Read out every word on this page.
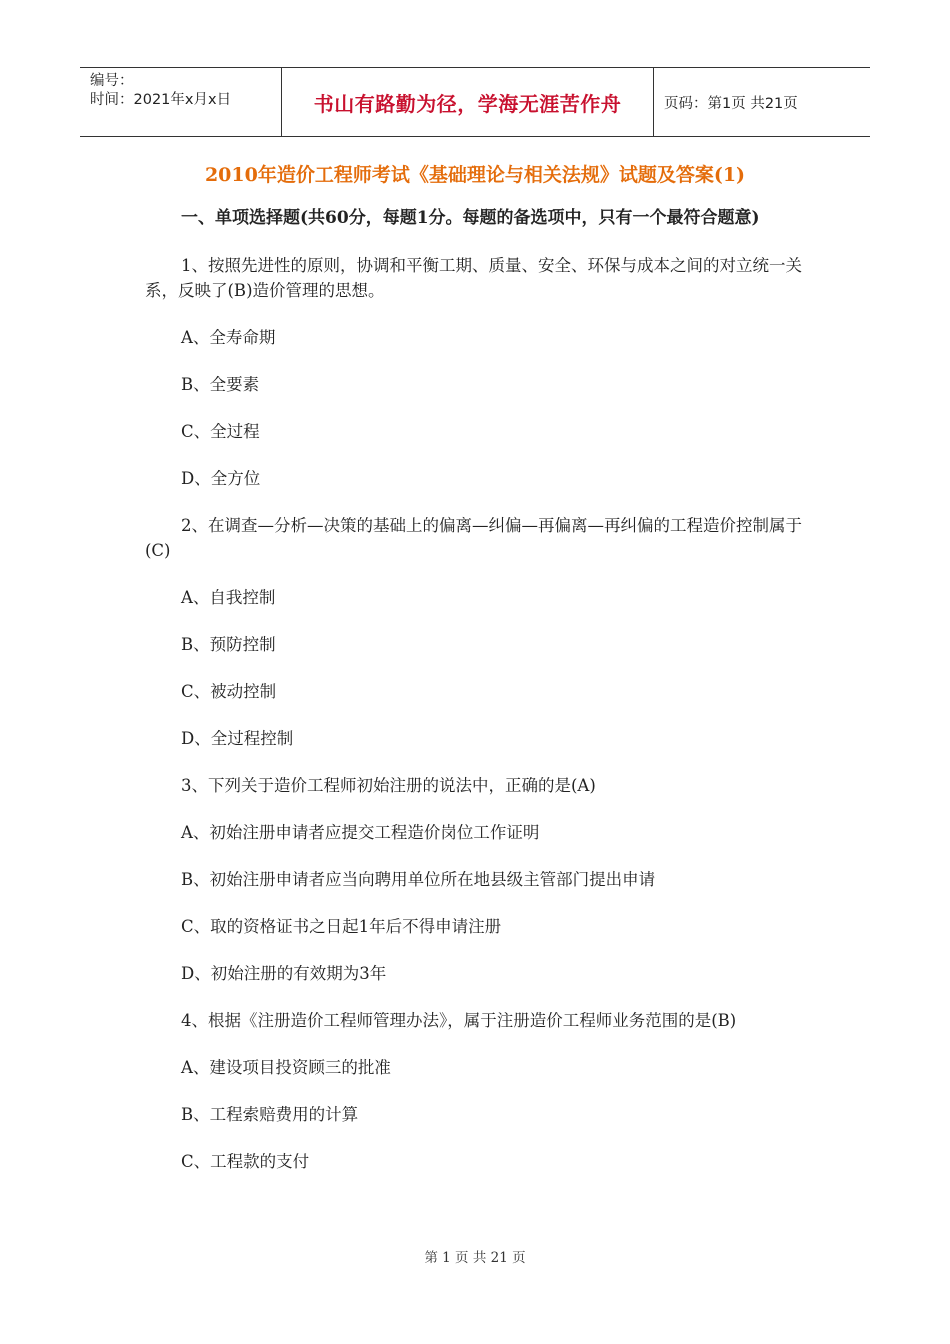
编号：
时间：2021年x月x日	书山有路勤为径，学海无涯苦作舟	页码：第1页 共21页
2010年造价工程师考试《基础理论与相关法规》试题及答案(1)

一、单项选择题(共60分，每题1分。每题的备选项中，只有一个最符合题意)

1、按照先进性的原则，协调和平衡工期、质量、安全、环保与成本之间的对立统一关系，反映了(B)造价管理的思想。

A、全寿命期

B、全要素

C、全过程

D、全方位

2、在调查—分析—决策的基础上的偏离—纠偏—再偏离—再纠偏的工程造价控制属于(C)

A、自我控制

B、预防控制

C、被动控制

D、全过程控制

3、下列关于造价工程师初始注册的说法中，正确的是(A)

A、初始注册申请者应提交工程造价岗位工作证明

B、初始注册申请者应当向聘用单位所在地县级主管部门提出申请

C、取的资格证书之日起1年后不得申请注册

D、初始注册的有效期为3年

4、根据《注册造价工程师管理办法》，属于注册造价工程师业务范围的是(B)

A、建设项目投资顾三的批准

B、工程索赔费用的计算

C、工程款的支付

第 1 页 共 21 页
